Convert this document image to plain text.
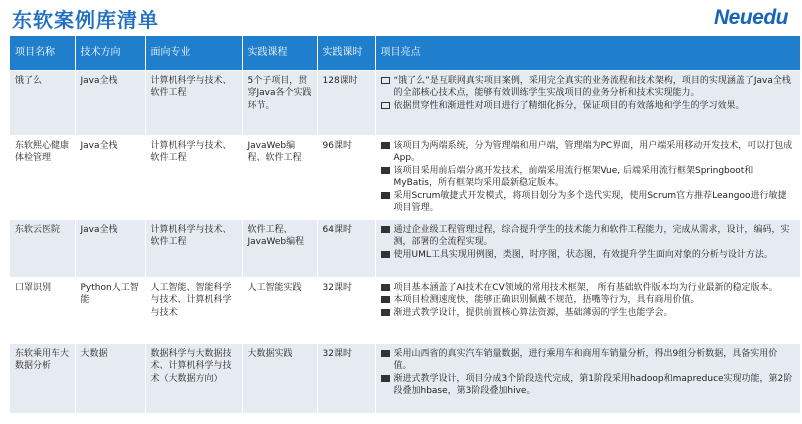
东软案例库清单	Neuedu
项目名称	技术方向	面向专业	实践课程	实践课时	项目亮点
饿了么	Java全栈	计算机科学与技术、软件工程	5个子项目，贯穿Java各个实践环节。	128课时	“饿了么”是互联网真实项目案例，采用完全真实的业务流程和技术架构，项目的实现涵盖了Java全栈的全部核心技术点，能够有效训练学生实战项目的业务分析和技术实现能力。
依据贯穿性和渐进性对项目进行了精细化拆分，保证项目的有效落地和学生的学习效果。

东软熙心健康体检管理	Java全栈	计算机科学与技术、软件工程	JavaWeb编程、软件工程	96课时	该项目为两端系统，分为管理端和用户端，管理端为PC界面，用户端采用移动开发技术，可以打包成App。
该项目采用前后端分离开发技术，前端采用流行框架Vue, 后端采用流行框架Springboot和MyBatis，所有框架均采用最新稳定版本。
采用Scrum敏捷式开发模式，将项目划分为多个迭代实现，使用Scrum官方推荐Leangoo进行敏捷项目管理。

东软云医院	Java全栈	计算机科学与技术、软件工程	软件工程、JavaWeb编程	64课时	通过企业级工程管理过程，综合提升学生的技术能力和软件工程能力，完成从需求，设计，编码，实测，部署的全流程实现。
使用UML工具实现用例图，类图，时序图，状态图，有效提升学生面向对象的分析与设计方法。

口罩识别	Python人工智能	人工智能、智能科学与技术、计算机科学与技术	人工智能实践	32课时	项目基本涵盖了AI技术在CV领域的常用技术框架， 所有基础软件版本均为行业最新的稳定版本。
本项目检测速度快，能够正确识别佩戴不规范，捂嘴等行为，具有商用价值。
渐进式教学设计，提供前置核心算法资源，基础薄弱的学生也能学会。

东软乘用车大数据分析	大数据	数据科学与大数据技术、计算机科学与技术（大数据方向）	大数据实践	32课时	采用山西省的真实汽车销量数据，进行乘用车和商用车销量分析，得出9组分析数据，具备实用价值。
渐进式教学设计，项目分成3个阶段迭代完成，第1阶段采用hadoop和mapreduce实现功能，第2阶段叠加hbase，第3阶段叠加hive。
